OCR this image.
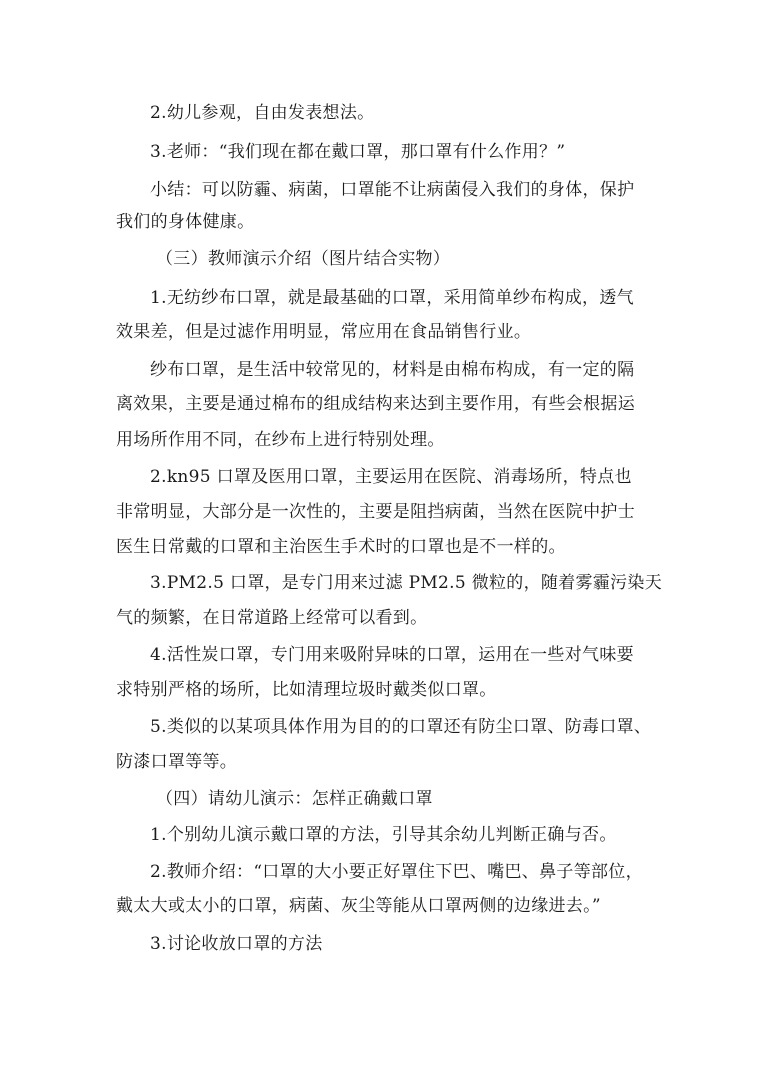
2.幼儿参观，自由发表想法。
3.老师：“我们现在都在戴口罩，那口罩有什么作用？”
小结：可以防霾、病菌，口罩能不让病菌侵入我们的身体，保护
我们的身体健康。
（三）教师演示介绍（图片结合实物）
1.无纺纱布口罩，就是最基础的口罩，采用简单纱布构成，透气
效果差，但是过滤作用明显，常应用在食品销售行业。
纱布口罩，是生活中较常见的，材料是由棉布构成，有一定的隔
离效果，主要是通过棉布的组成结构来达到主要作用，有些会根据运
用场所作用不同，在纱布上进行特别处理。
2.kn95 口罩及医用口罩，主要运用在医院、消毒场所，特点也
非常明显，大部分是一次性的，主要是阻挡病菌，当然在医院中护士
医生日常戴的口罩和主治医生手术时的口罩也是不一样的。
3.PM2.5 口罩，是专门用来过滤 PM2.5 微粒的，随着雾霾污染天
气的频繁，在日常道路上经常可以看到。
4.活性炭口罩，专门用来吸附异味的口罩，运用在一些对气味要
求特别严格的场所，比如清理垃圾时戴类似口罩。
5.类似的以某项具体作用为目的的口罩还有防尘口罩、防毒口罩、
防漆口罩等等。
（四）请幼儿演示：怎样正确戴口罩
1.个别幼儿演示戴口罩的方法，引导其余幼儿判断正确与否。
2.教师介绍：“口罩的大小要正好罩住下巴、嘴巴、鼻子等部位，
戴太大或太小的口罩，病菌、灰尘等能从口罩两侧的边缘进去。”
3.讨论收放口罩的方法
